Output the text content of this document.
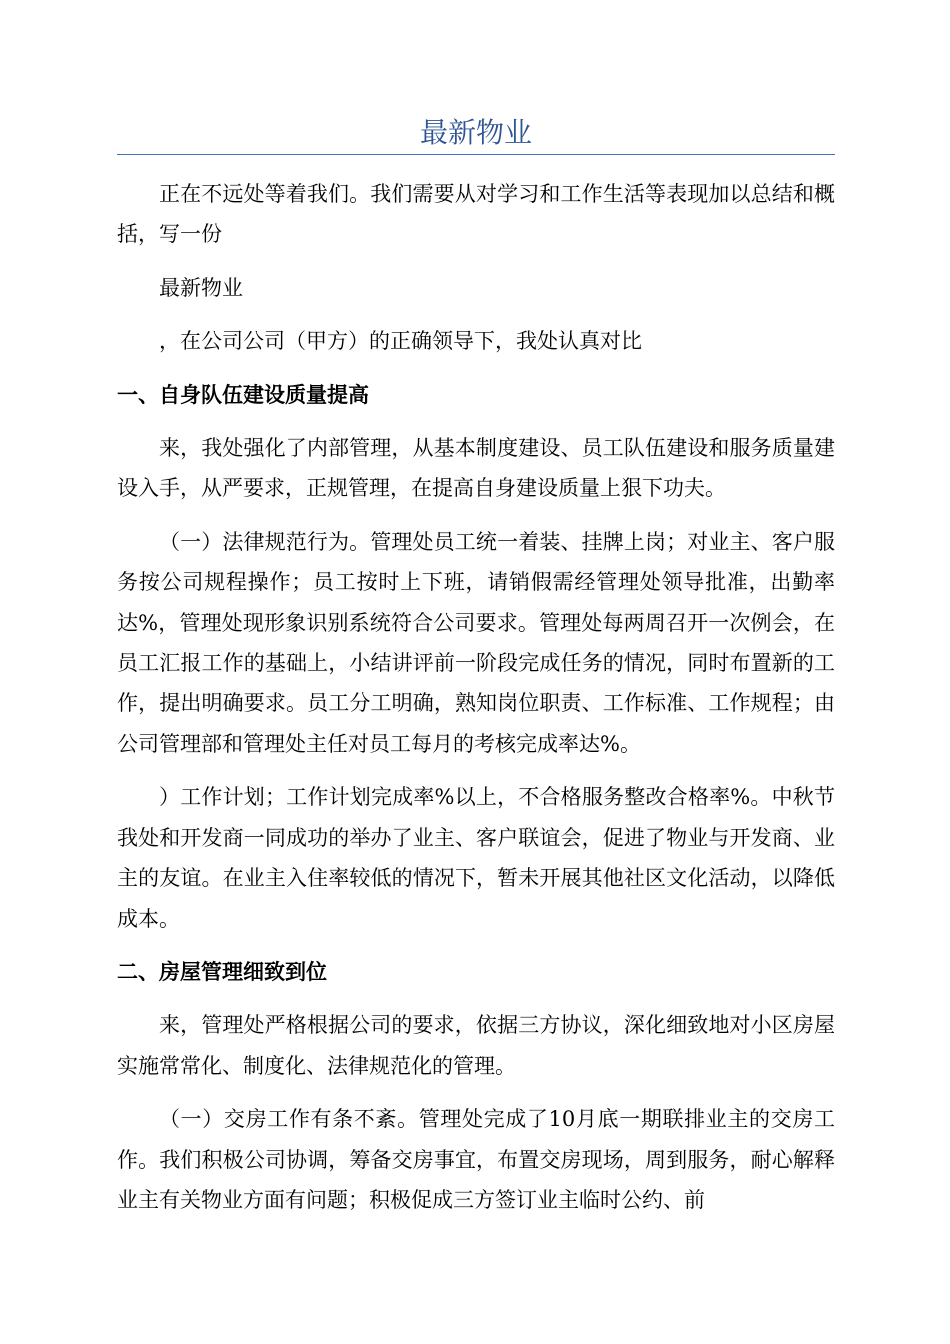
最新物业

正在不远处等着我们。我们需要从对学习和工作生活等表现加以总结和概括，写一份

最新物业

，在公司公司（甲方）的正确领导下，我处认真对比

一、自身队伍建设质量提高

来，我处强化了内部管理，从基本制度建设、员工队伍建设和服务质量建设入手，从严要求，正规管理，在提高自身建设质量上狠下功夫。

（一）法律规范行为。管理处员工统一着装、挂牌上岗；对业主、客户服务按公司规程操作；员工按时上下班，请销假需经管理处领导批准，出勤率达%，管理处现形象识别系统符合公司要求。管理处每两周召开一次例会，在员工汇报工作的基础上，小结讲评前一阶段完成任务的情况，同时布置新的工作，提出明确要求。员工分工明确，熟知岗位职责、工作标准、工作规程；由公司管理部和管理处主任对员工每月的考核完成率达%。

）工作计划；工作计划完成率%以上，不合格服务整改合格率%。中秋节我处和开发商一同成功的举办了业主、客户联谊会，促进了物业与开发商、业主的友谊。在业主入住率较低的情况下，暂未开展其他社区文化活动，以降低成本。

二、房屋管理细致到位

来，管理处严格根据公司的要求，依据三方协议，深化细致地对小区房屋实施常常化、制度化、法律规范化的管理。

（一）交房工作有条不紊。管理处完成了10月底一期联排业主的交房工作。我们积极公司协调，筹备交房事宜，布置交房现场，周到服务，耐心解释业主有关物业方面有问题；积极促成三方签订业主临时公约、前
